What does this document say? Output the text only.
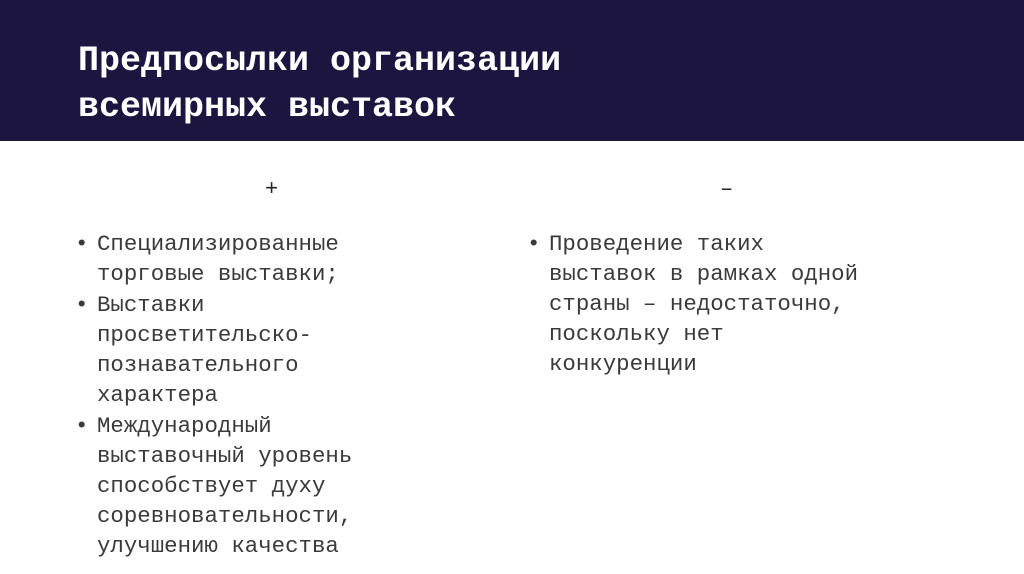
Предпосылки организации
всемирных выставок
+	–
• Специализированные
торговые выставки;
• Выставки
просветительско-
познавательного
характера
• Международный
выставочный уровень
способствует духу
соревновательности,
улучшению качества
• Проведение таких
выставок в рамках одной
страны – недостаточно,
поскольку нет
конкуренции
